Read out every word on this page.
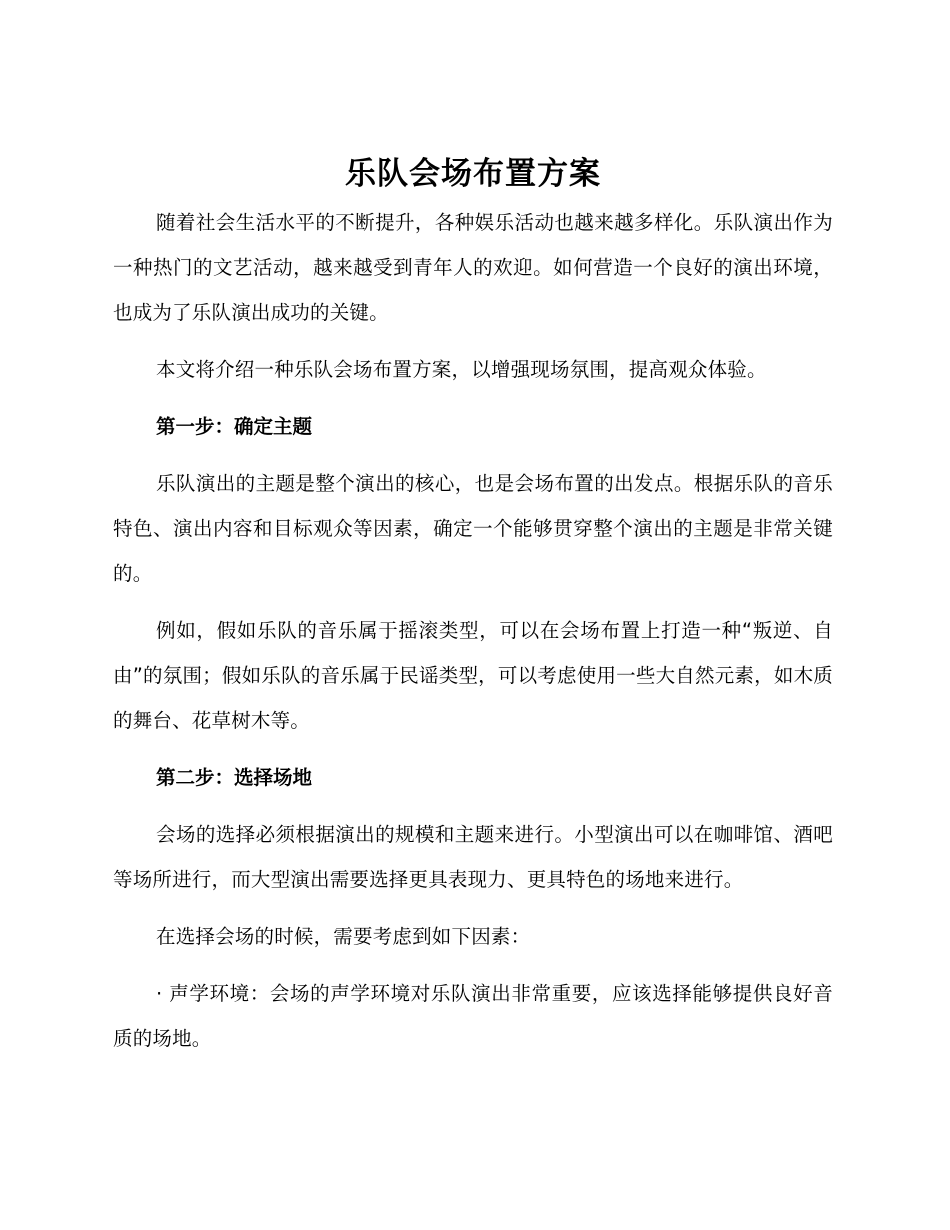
乐队会场布置方案

随着社会生活水平的不断提升，各种娱乐活动也越来越多样化。乐队演出作为一种热门的文艺活动，越来越受到青年人的欢迎。如何营造一个良好的演出环境，也成为了乐队演出成功的关键。

本文将介绍一种乐队会场布置方案，以增强现场氛围，提高观众体验。

第一步：确定主题

乐队演出的主题是整个演出的核心，也是会场布置的出发点。根据乐队的音乐特色、演出内容和目标观众等因素，确定一个能够贯穿整个演出的主题是非常关键的。

例如，假如乐队的音乐属于摇滚类型，可以在会场布置上打造一种“叛逆、自由”的氛围；假如乐队的音乐属于民谣类型，可以考虑使用一些大自然元素，如木质的舞台、花草树木等。

第二步：选择场地

会场的选择必须根据演出的规模和主题来进行。小型演出可以在咖啡馆、酒吧等场所进行，而大型演出需要选择更具表现力、更具特色的场地来进行。

在选择会场的时候，需要考虑到如下因素：

· 声学环境：会场的声学环境对乐队演出非常重要，应该选择能够提供良好音质的场地。
